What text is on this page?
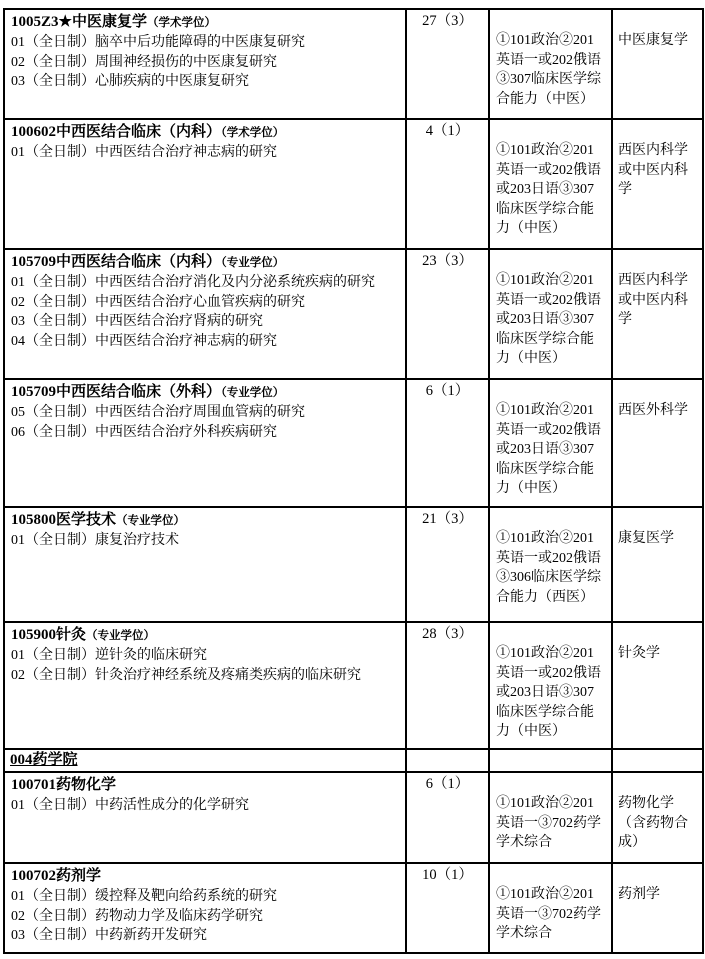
1005Z3★中医康复学（学术学位）
01（全日制）脑卒中后功能障碍的中医康复研究
02（全日制）周围神经损伤的中医康复研究
03（全日制）心肺疾病的中医康复研究	27（3）	①101政治②201英语一或202俄语③307临床医学综合能力（中医）	中医康复学

100602中西医结合临床（内科）（学术学位）
01（全日制）中西医结合治疗神志病的研究	4（1）	①101政治②201英语一或202俄语或203日语③307临床医学综合能力（中医）	西医内科学或中医内科学

105709中西医结合临床（内科）（专业学位）
01（全日制）中西医结合治疗消化及内分泌系统疾病的研究
02（全日制）中西医结合治疗心血管疾病的研究
03（全日制）中西医结合治疗肾病的研究
04（全日制）中西医结合治疗神志病的研究	23（3）	①101政治②201英语一或202俄语或203日语③307临床医学综合能力（中医）	西医内科学或中医内科学

105709中西医结合临床（外科）（专业学位）
05（全日制）中西医结合治疗周围血管病的研究
06（全日制）中西医结合治疗外科疾病研究	6（1）	①101政治②201英语一或202俄语或203日语③307临床医学综合能力（中医）	西医外科学

105800医学技术（专业学位）
01（全日制）康复治疗技术	21（3）	①101政治②201英语一或202俄语③306临床医学综合能力（西医）	康复医学

105900针灸（专业学位）
01（全日制）逆针灸的临床研究
02（全日制）针灸治疗神经系统及疼痛类疾病的临床研究	28（3）	①101政治②201英语一或202俄语或203日语③307临床医学综合能力（中医）	针灸学
004药学院			

100701药物化学
01（全日制）中药活性成分的化学研究	6（1）	①101政治②201英语一③702药学学术综合	药物化学（含药物合成）

100702药剂学
01（全日制）缓控释及靶向给药系统的研究
02（全日制）药物动力学及临床药学研究
03（全日制）中药新药开发研究	10（1）	①101政治②201英语一③702药学学术综合	药剂学
